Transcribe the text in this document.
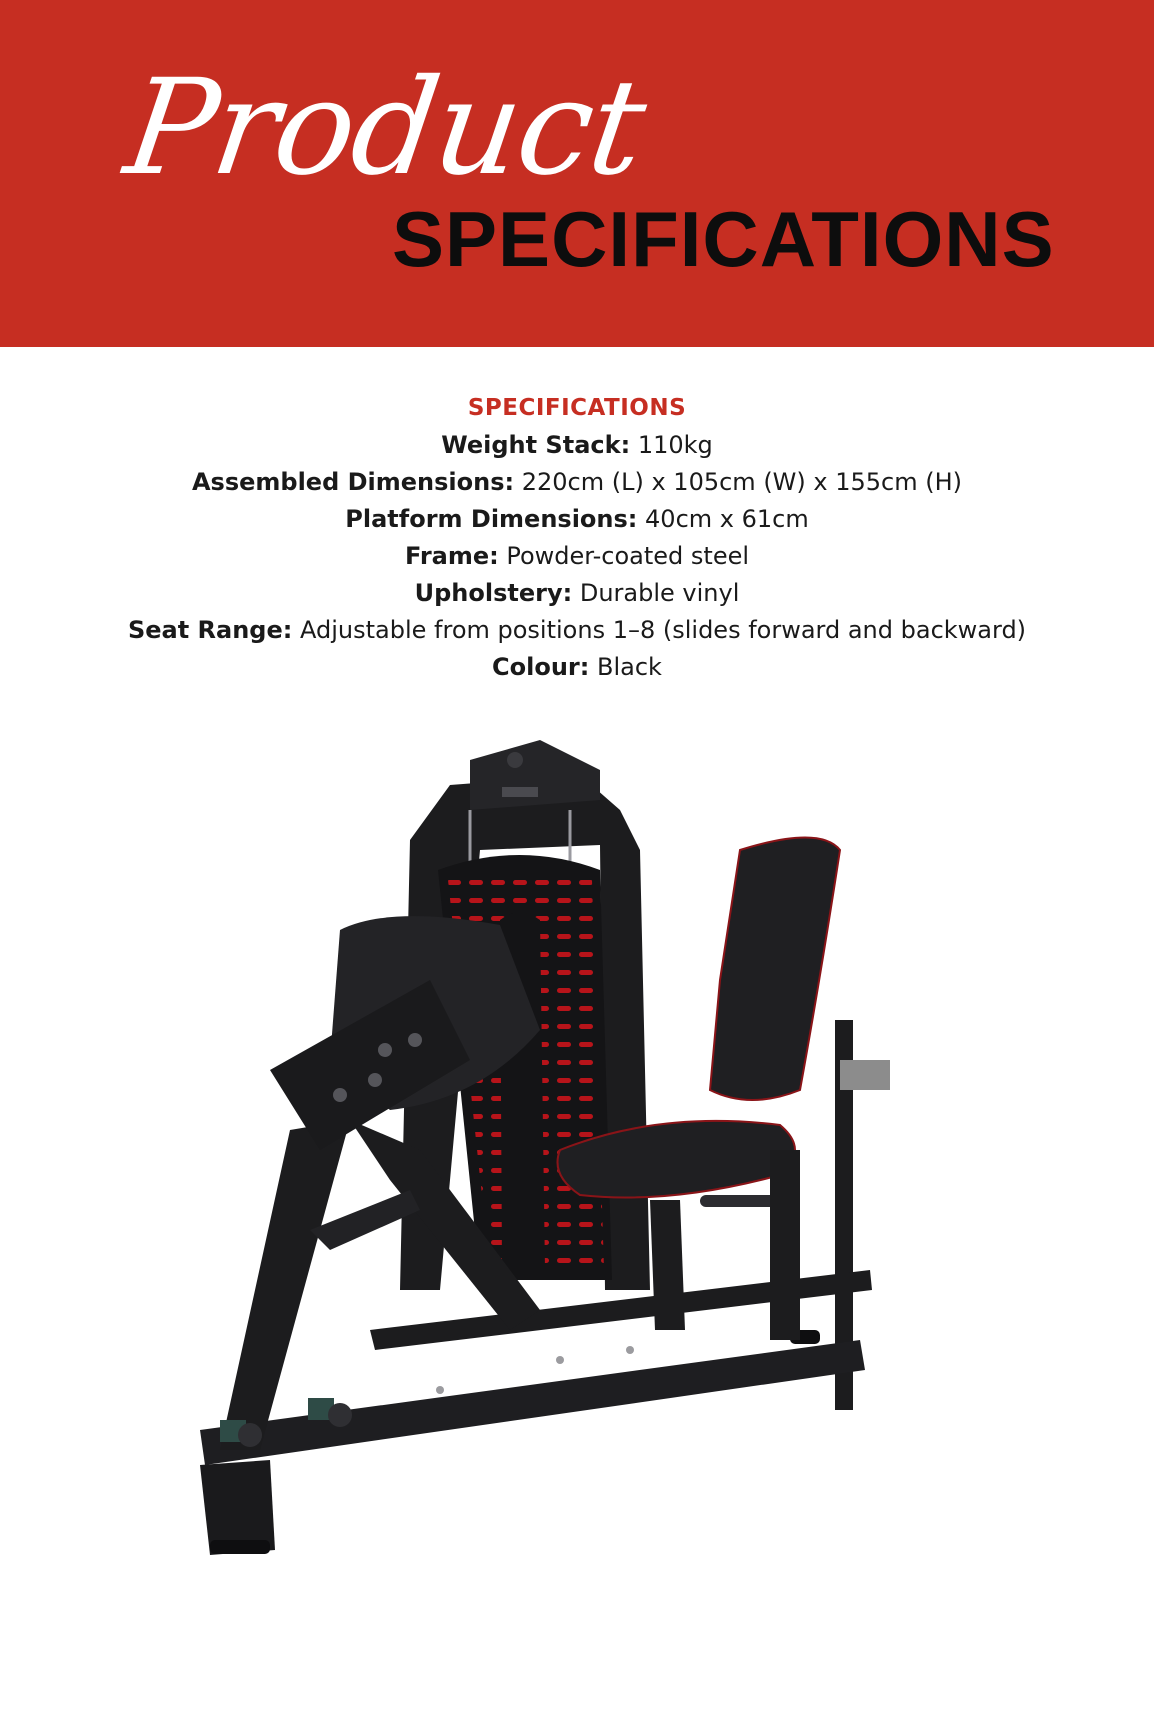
Product
SPECIFICATIONS
SPECIFICATIONS
Weight Stack: 110kg
Assembled Dimensions: 220cm (L) x 105cm (W) x 155cm (H)
Platform Dimensions: 40cm x 61cm
Frame: Powder-coated steel
Upholstery: Durable vinyl
Seat Range: Adjustable from positions 1–8 (slides forward and backward)
Colour: Black
